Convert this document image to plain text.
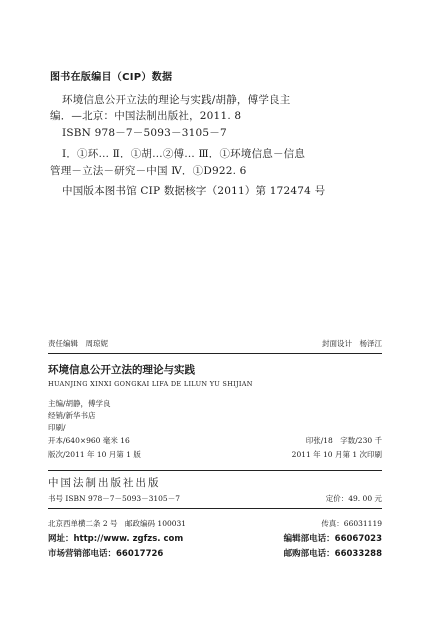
图书在版编目（CIP）数据
环境信息公开立法的理论与实践/胡静，傅学良主
编．—北京：中国法制出版社，2011. 8
ISBN 978－7－5093－3105－7
Ⅰ．①环… Ⅱ．①胡…②傅… Ⅲ．①环境信息－信息
管理－立法－研究－中国 Ⅳ．①D922. 6
中国版本图书馆 CIP 数据核字（2011）第 172474 号
责任编辑　周琼妮	封面设计　杨泽江
环境信息公开立法的理论与实践
HUANJING XINXI GONGKAI LIFA DE LILUN YU SHIJIAN
主编/胡静，傅学良
经销/新华书店
印刷/
开本/640×960 毫米 16	印张/18　字数/230 千
版次/2011 年 10 月第 1 版	2011 年 10 月第 1 次印刷
中国法制出版社出版
书号 ISBN 978－7－5093－3105－7	定价：49. 00 元
北京西单横二条 2 号　邮政编码 100031	传真：66031119
网址：http://www. zgfzs. com	编辑部电话：66067023
市场营销部电话：66017726	邮购部电话：66033288
